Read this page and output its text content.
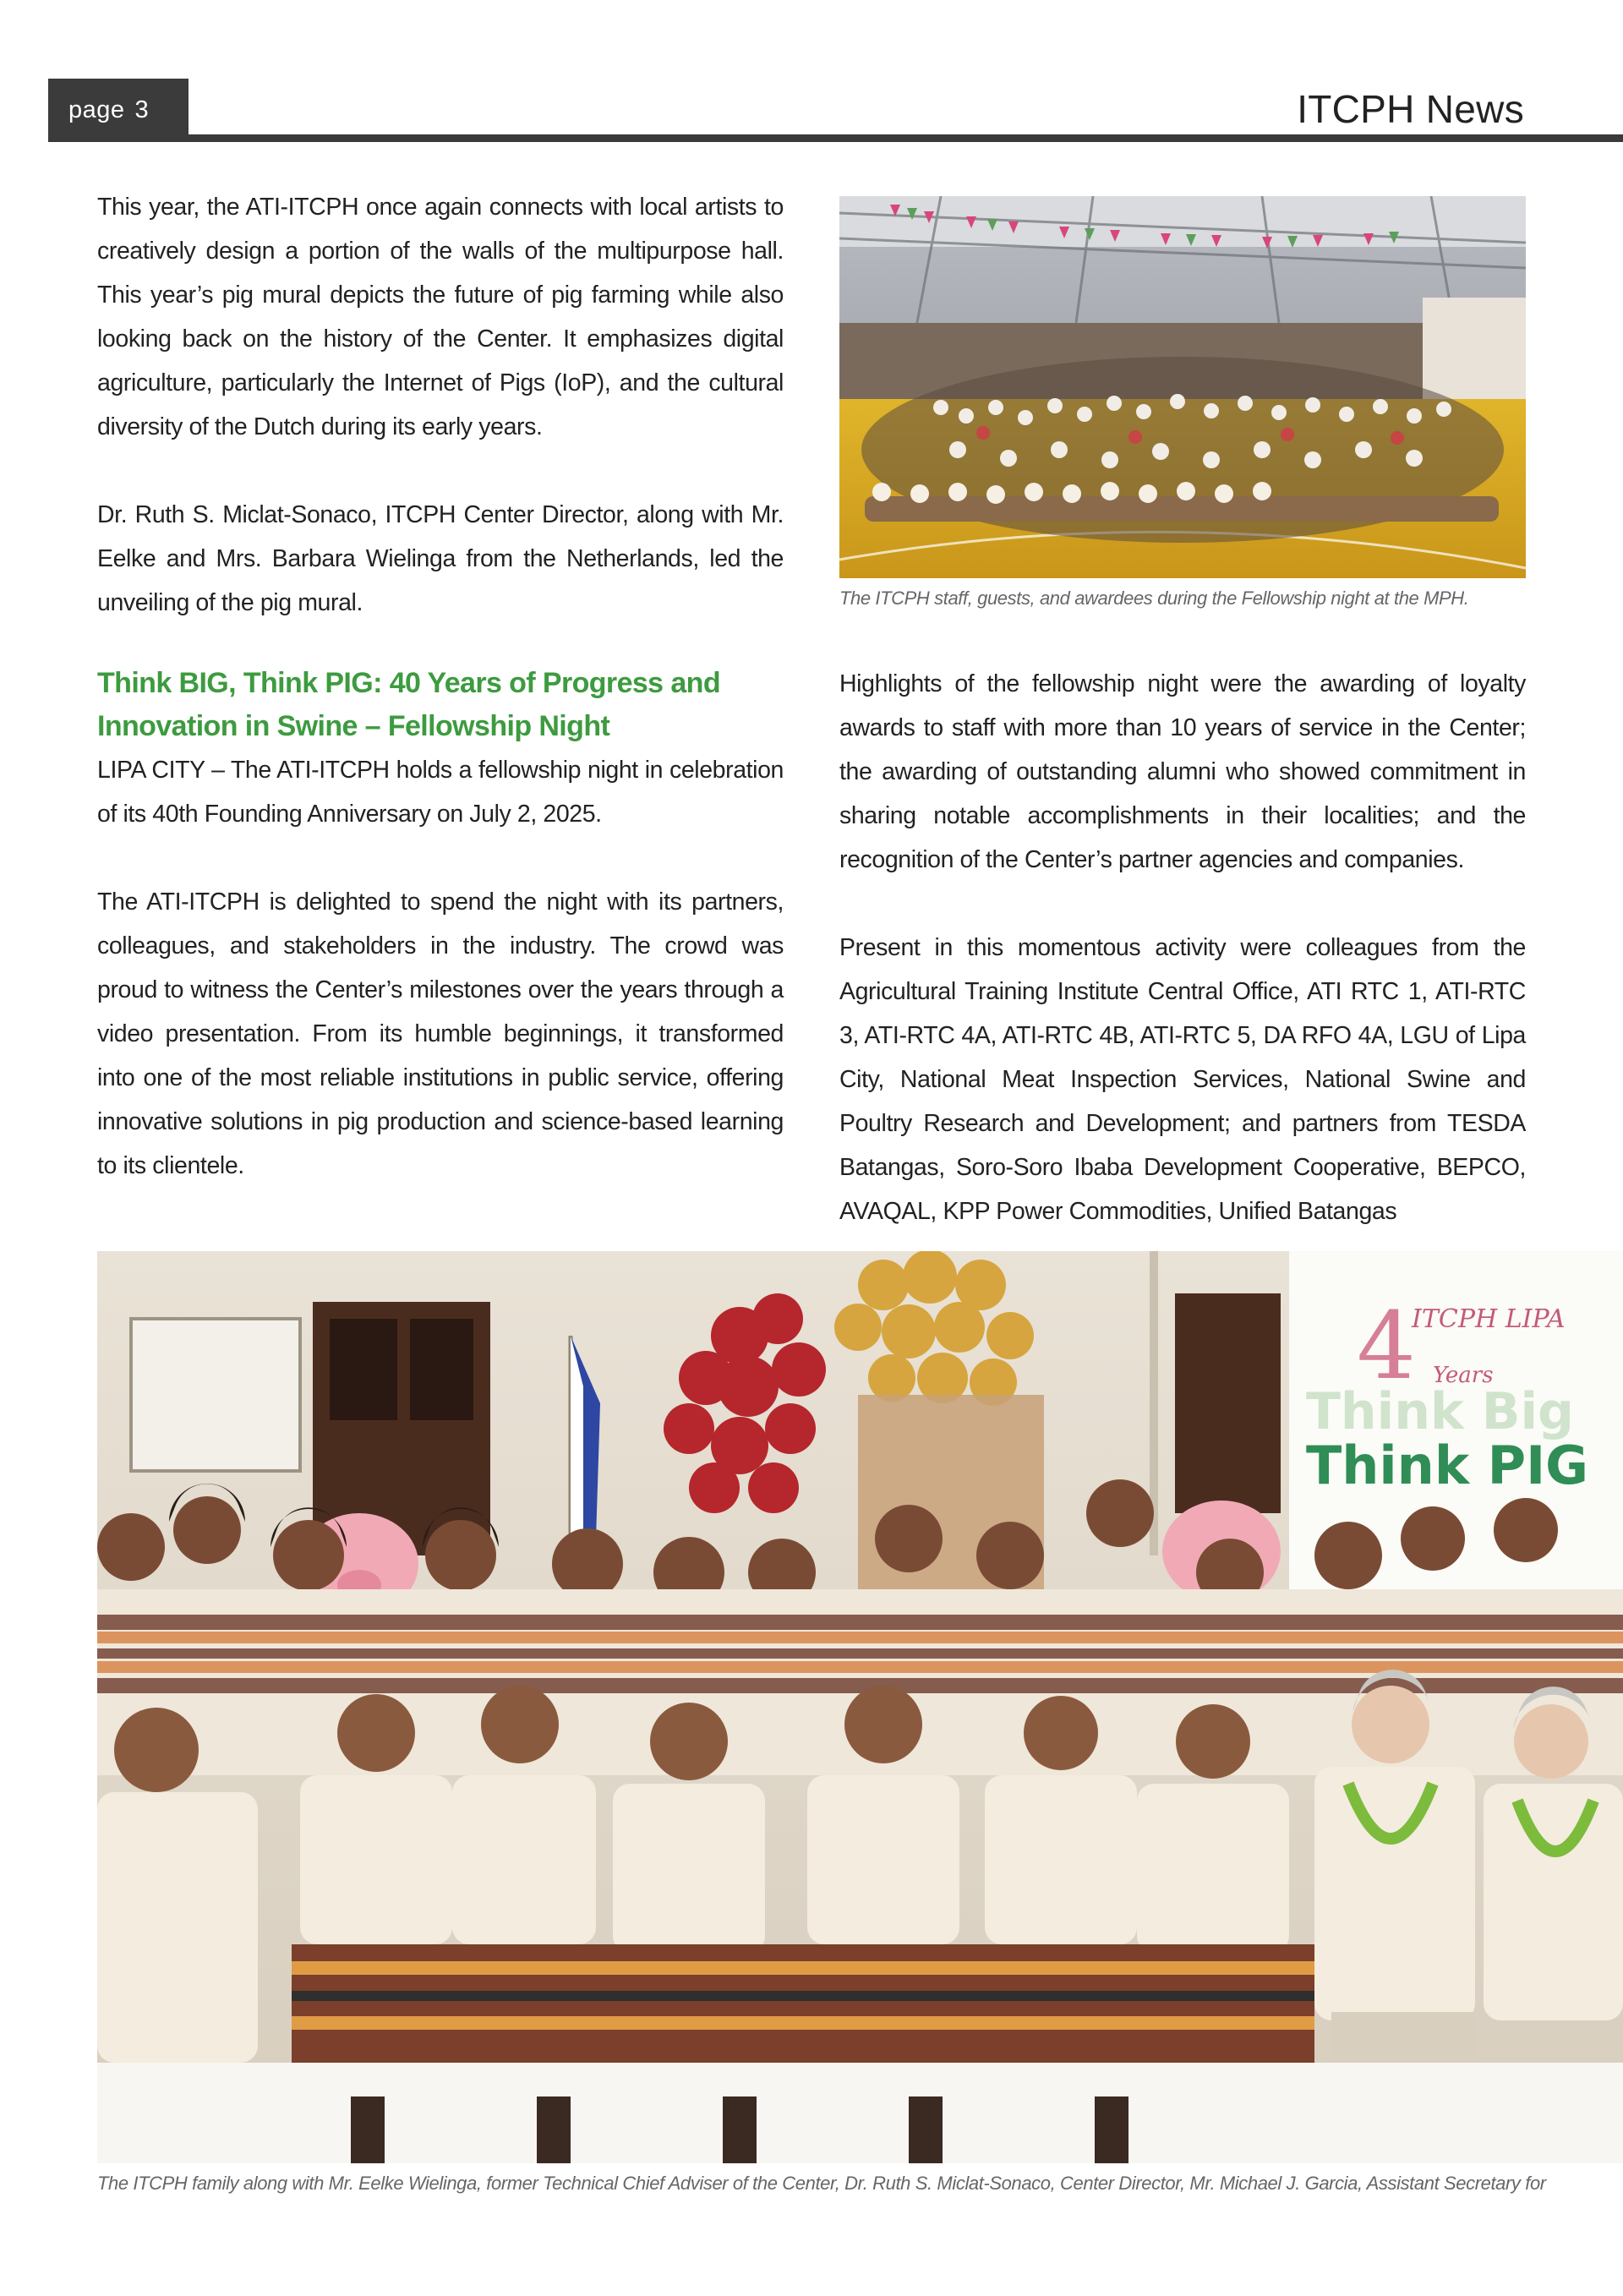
page 3	ITCPH News

This year, the ATI-ITCPH once again connects with local artists to creatively design a portion of the walls of the multipurpose hall. This year’s pig mural depicts the future of pig farming while also looking back on the history of the Center. It emphasizes digital agriculture, particularly the Internet of Pigs (IoP), and the cultural diversity of the Dutch during its early years.

Dr. Ruth S. Miclat-Sonaco, ITCPH Center Director, along with Mr. Eelke and Mrs. Barbara Wielinga from the Netherlands, led the unveiling of the pig mural.

Think BIG, Think PIG: 40 Years of Progress and Innovation in Swine – Fellowship Night

LIPA CITY – The ATI-ITCPH holds a fellowship night in celebration of its 40th Founding Anniversary on July 2, 2025.

The ATI-ITCPH is delighted to spend the night with its partners, colleagues, and stakeholders in the industry. The crowd was proud to witness the Center’s milestones over the years through a video presentation. From its humble beginnings, it transformed into one of the most reliable institutions in public service, offering innovative solutions in pig production and science-based learning to its clientele.

The ITCPH staff, guests, and awardees during the Fellowship night at the MPH.

Highlights of the fellowship night were the awarding of loyalty awards to staff with more than 10 years of service in the Center; the awarding of outstanding alumni who showed commitment in sharing notable accomplishments in their localities; and the recognition of the Center’s partner agencies and companies.

Present in this momentous activity were colleagues from the Agricultural Training Institute Central Office, ATI RTC 1, ATI-RTC 3, ATI-RTC 4A, ATI-RTC 4B, ATI-RTC 5, DA RFO 4A, LGU of Lipa City, National Meat Inspection Services, National Swine and Poultry Research and Development; and partners from TESDA Batangas, Soro-Soro Ibaba Development Cooperative, BEPCO, AVAQAL, KPP Power Commodities, Unified Batangas

4
ITCPH LIPA
Years
Think Big
Think PIG
The ITCPH family along with Mr. Eelke Wielinga, former Technical Chief Adviser of the Center, Dr. Ruth S. Miclat-Sonaco, Center Director, Mr. Michael J. Garcia, Assistant Secretary for
